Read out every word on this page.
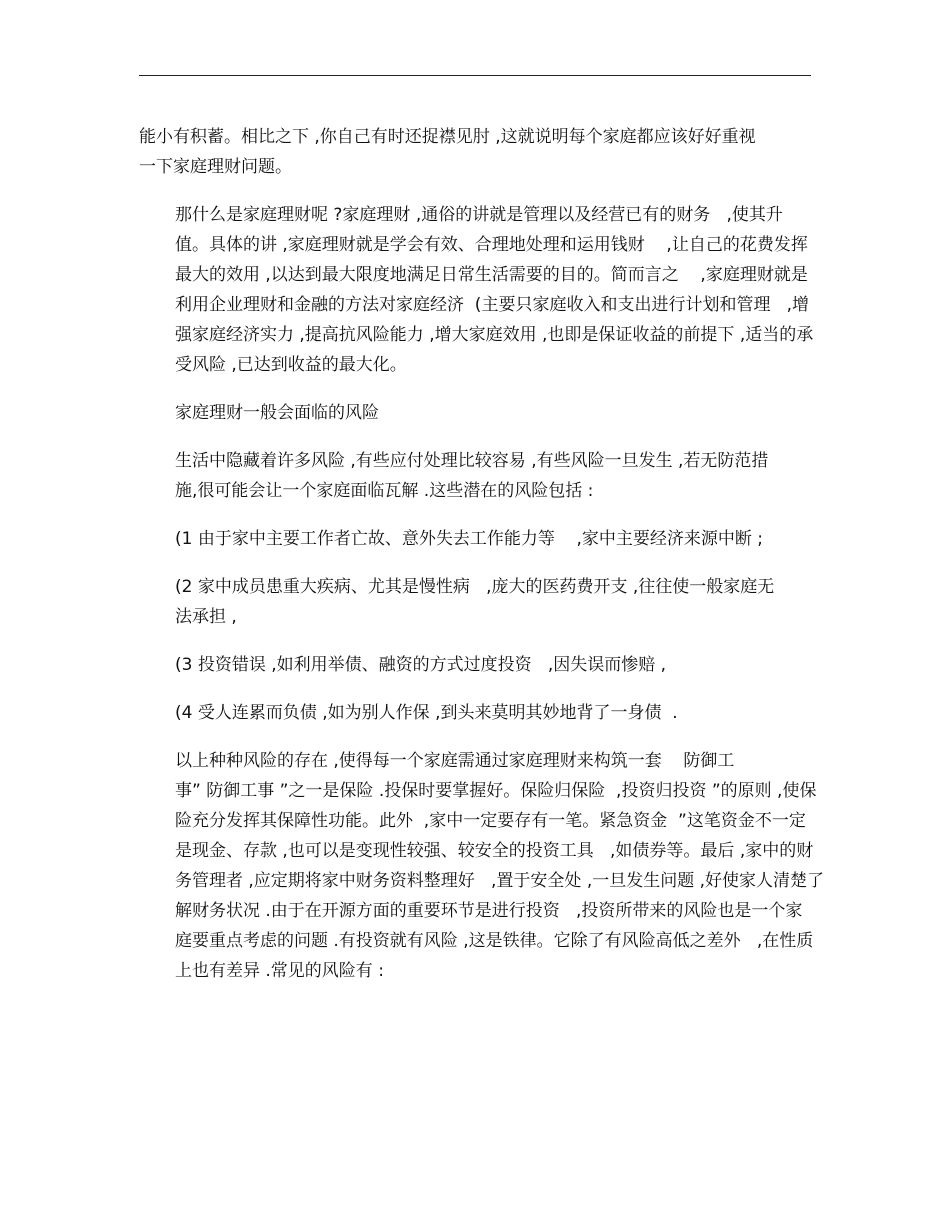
能小有积蓄。相比之下 ,你自己有时还捉襟见肘 ,这就说明每个家庭都应该好好重视
一下家庭理财问题。

那什么是家庭理财呢 ?家庭理财 ,通俗的讲就是管理以及经营已有的财务   ,使其升
值。具体的讲 ,家庭理财就是学会有效、合理地处理和运用钱财    ,让自己的花费发挥
最大的效用 ,以达到最大限度地满足日常生活需要的目的。简而言之    ,家庭理财就是
利用企业理财和金融的方法对家庭经济  (主要只家庭收入和支出进行计划和管理   ,增
强家庭经济实力 ,提高抗风险能力 ,增大家庭效用 ,也即是保证收益的前提下 ,适当的承
受风险 ,已达到收益的最大化。

家庭理财一般会面临的风险

生活中隐藏着许多风险 ,有些应付处理比较容易 ,有些风险一旦发生 ,若无防范措
施,很可能会让一个家庭面临瓦解 .这些潜在的风险包括 :

(1 由于家中主要工作者亡故、意外失去工作能力等    ,家中主要经济来源中断 ;

(2 家中成员患重大疾病、尤其是慢性病   ,庞大的医药费开支 ,往往使一般家庭无
法承担 ,

(3 投资错误 ,如利用举债、融资的方式过度投资   ,因失误而惨赔 ,

(4 受人连累而负债 ,如为别人作保 ,到头来莫明其妙地背了一身债  .

以上种种风险的存在 ,使得每一个家庭需通过家庭理财来构筑一套    防御工
事” 防御工事 ”之一是保险 .投保时要掌握好。保险归保险  ,投资归投资 ”的原则 ,使保
险充分发挥其保障性功能。此外  ,家中一定要存有一笔。紧急资金  ”这笔资金不一定
是现金、存款 ,也可以是变现性较强、较安全的投资工具   ,如债券等。最后 ,家中的财
务管理者 ,应定期将家中财务资料整理好   ,置于安全处 ,一旦发生问题 ,好使家人清楚了
解财务状况 .由于在开源方面的重要环节是进行投资   ,投资所带来的风险也是一个家
庭要重点考虑的问题 .有投资就有风险 ,这是铁律。它除了有风险高低之差外   ,在性质
上也有差异 .常见的风险有 :
